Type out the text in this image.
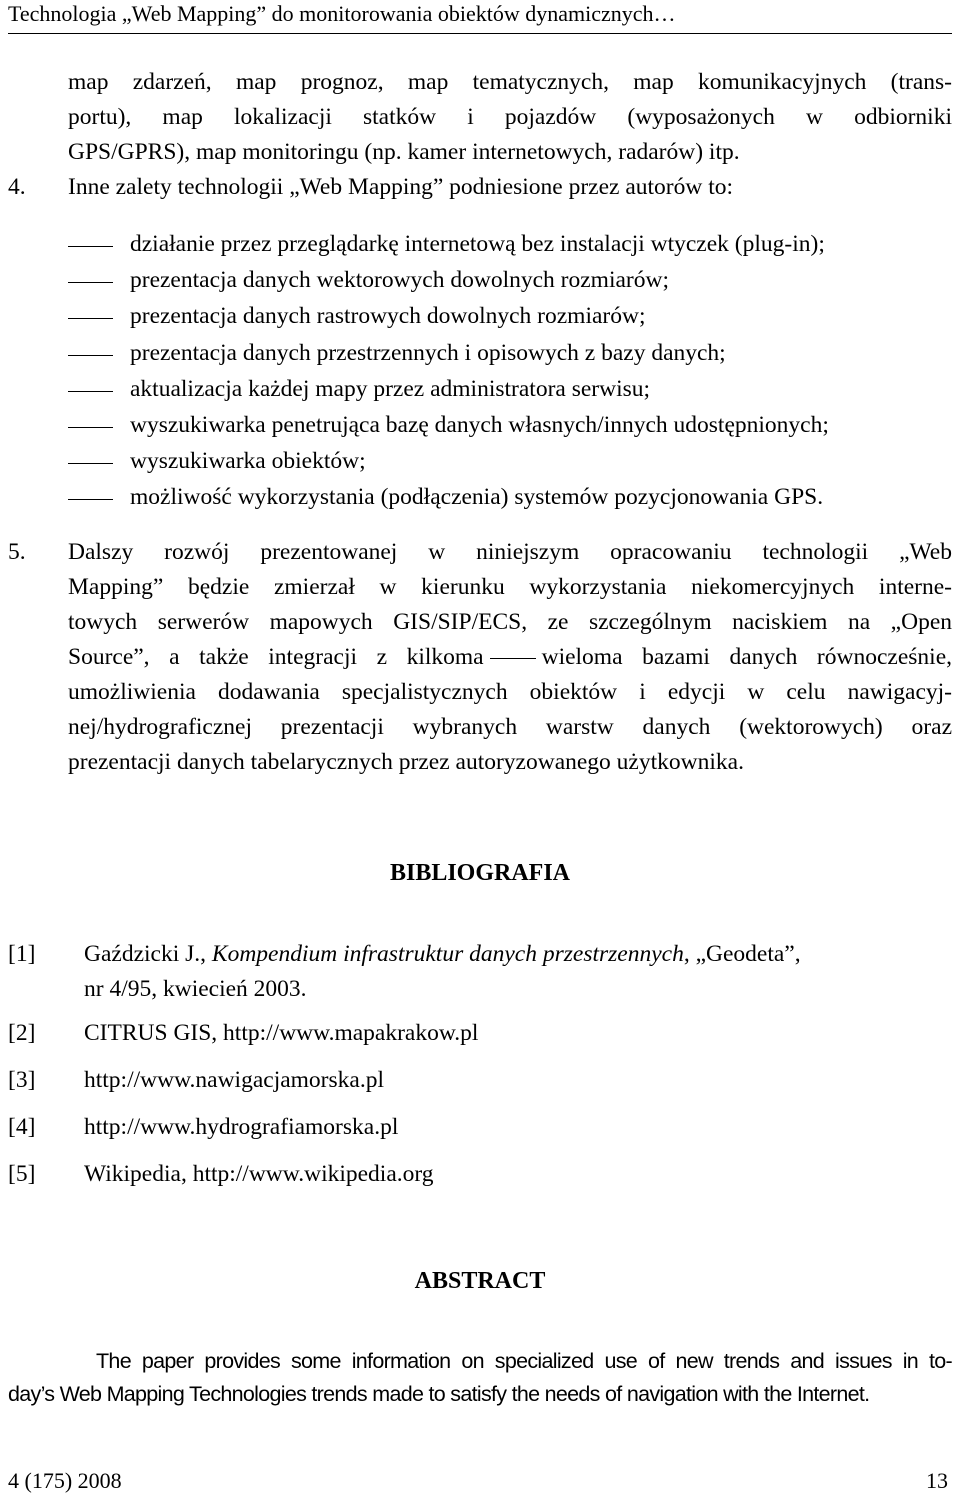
Technologia „Web Mapping” do monitorowania obiektów dynamicznych…
map zdarzeń, map prognoz, map tematycznych, map komunikacyjnych (trans-
portu), map lokalizacji statków i pojazdów (wyposażonych w odbiorniki
GPS/GPRS), map monitoringu (np. kamer internetowych, radarów) itp.
4. Inne zalety technologii „Web Mapping” podniesione przez autorów to:
działanie przez przeglądarkę internetową bez instalacji wtyczek (plug-in);
prezentacja danych wektorowych dowolnych rozmiarów;
prezentacja danych rastrowych dowolnych rozmiarów;
prezentacja danych przestrzennych i opisowych z bazy danych;
aktualizacja każdej mapy przez administratora serwisu;
wyszukiwarka penetrująca bazę danych własnych/innych udostępnionych;
wyszukiwarka obiektów;
możliwość wykorzystania (podłączenia) systemów pozycjonowania GPS.
5. Dalszy rozwój prezentowanej w niniejszym opracowaniu technologii „Web
Mapping” będzie zmierzał w kierunku wykorzystania niekomercyjnych interne-
towych serwerów mapowych GIS/SIP/ECS, ze szczególnym naciskiem na „Open
Source”, a także integracji z kilkoma wieloma bazami danych równocześnie,
umożliwienia dodawania specjalistycznych obiektów i edycji w celu nawigacyj-
nej/hydrograficznej prezentacji wybranych warstw danych (wektorowych) oraz
prezentacji danych tabelarycznych przez autoryzowanego użytkownika.
BIBLIOGRAFIA
[1] Gaździcki J., Kompendium infrastruktur danych przestrzennych, „Geodeta”,
nr 4/95, kwiecień 2003.
[2] CITRUS GIS, http://www.mapakrakow.pl
[3] http://www.nawigacjamorska.pl
[4] http://www.hydrografiamorska.pl
[5] Wikipedia, http://www.wikipedia.org
ABSTRACT
The paper provides some information on specialized use of new trends and issues in to-
day’s Web Mapping Technologies trends made to satisfy the needs of navigation with the Internet.
4 (175) 2008	13
